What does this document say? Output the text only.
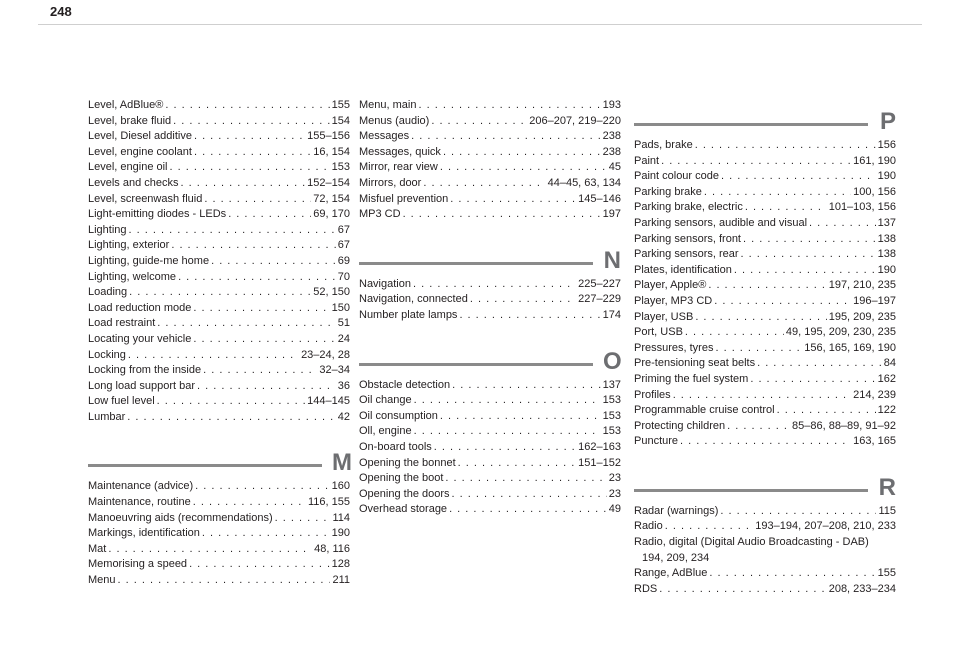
248
Level, AdBlue® . . .	155
Level, brake fluid . . .	154
Level, Diesel additive . . .	155–156
Level, engine coolant . . .	16, 154
Level, engine oil . . .	153
Levels and checks . . .	152–154
Level, screenwash fluid . . .	72, 154
Light-emitting diodes - LEDs . . .	69, 170
Lighting . . .	67
Lighting, exterior . . .	67
Lighting, guide-me home . . .	69
Lighting, welcome . . .	70
Loading . . .	52, 150
Load reduction mode . . .	150
Load restraint . . .	51
Locating your vehicle . . .	24
Locking . . .	23–24, 28
Locking from the inside . . .	32–34
Long load support bar . . .	36
Low fuel level . . .	144–145
Lumbar . . .	42
M
Maintenance (advice) . . .	160
Maintenance, routine . . .	116, 155
Manoeuvring aids (recommendations) . . .	114
Markings, identification . . .	190
Mat . . .	48, 116
Memorising a speed . . .	128
Menu . . .	211
Menu, main . . .	193
Menus (audio) . . .	206–207, 219–220
Messages . . .	238
Messages, quick . . .	238
Mirror, rear view . . .	45
Mirrors, door . . .	44–45, 63, 134
Misfuel prevention . . .	145–146
MP3 CD . . .	197
N
Navigation . . .	225–227
Navigation, connected . . .	227–229
Number plate lamps . . .	174
O
Obstacle detection . . .	137
Oil change . . .	153
Oil consumption . . .	153
Oll, engine . . .	153
On-board tools . . .	162–163
Opening the bonnet . . .	151–152
Opening the boot . . .	23
Opening the doors . . .	23
Overhead storage . . .	49
P
Pads, brake . . .	156
Paint . . .	161, 190
Paint colour code . . .	190
Parking brake . . .	100, 156
Parking brake, electric . . .	101–103, 156
Parking sensors, audible and visual . . .	137
Parking sensors, front . . .	138
Parking sensors, rear . . .	138
Plates, identification . . .	190
Player, Apple® . . .	197, 210, 235
Player, MP3 CD . . .	196–197
Player, USB . . .	195, 209, 235
Port, USB . . .	49, 195, 209, 230, 235
Pressures, tyres . . .	156, 165, 169, 190
Pre-tensioning seat belts . . .	84
Priming the fuel system . . .	162
Profiles . . .	214, 239
Programmable cruise control . . .	122
Protecting children . . .	85–86, 88–89, 91–92
Puncture . . .	163, 165
R
Radar (warnings) . . .	115
Radio . . .	193–194, 207–208, 210, 233
Radio, digital (Digital Audio Broadcasting - DAB)
194, 209, 234
Range, AdBlue . . .	155
RDS . . .	208, 233–234
